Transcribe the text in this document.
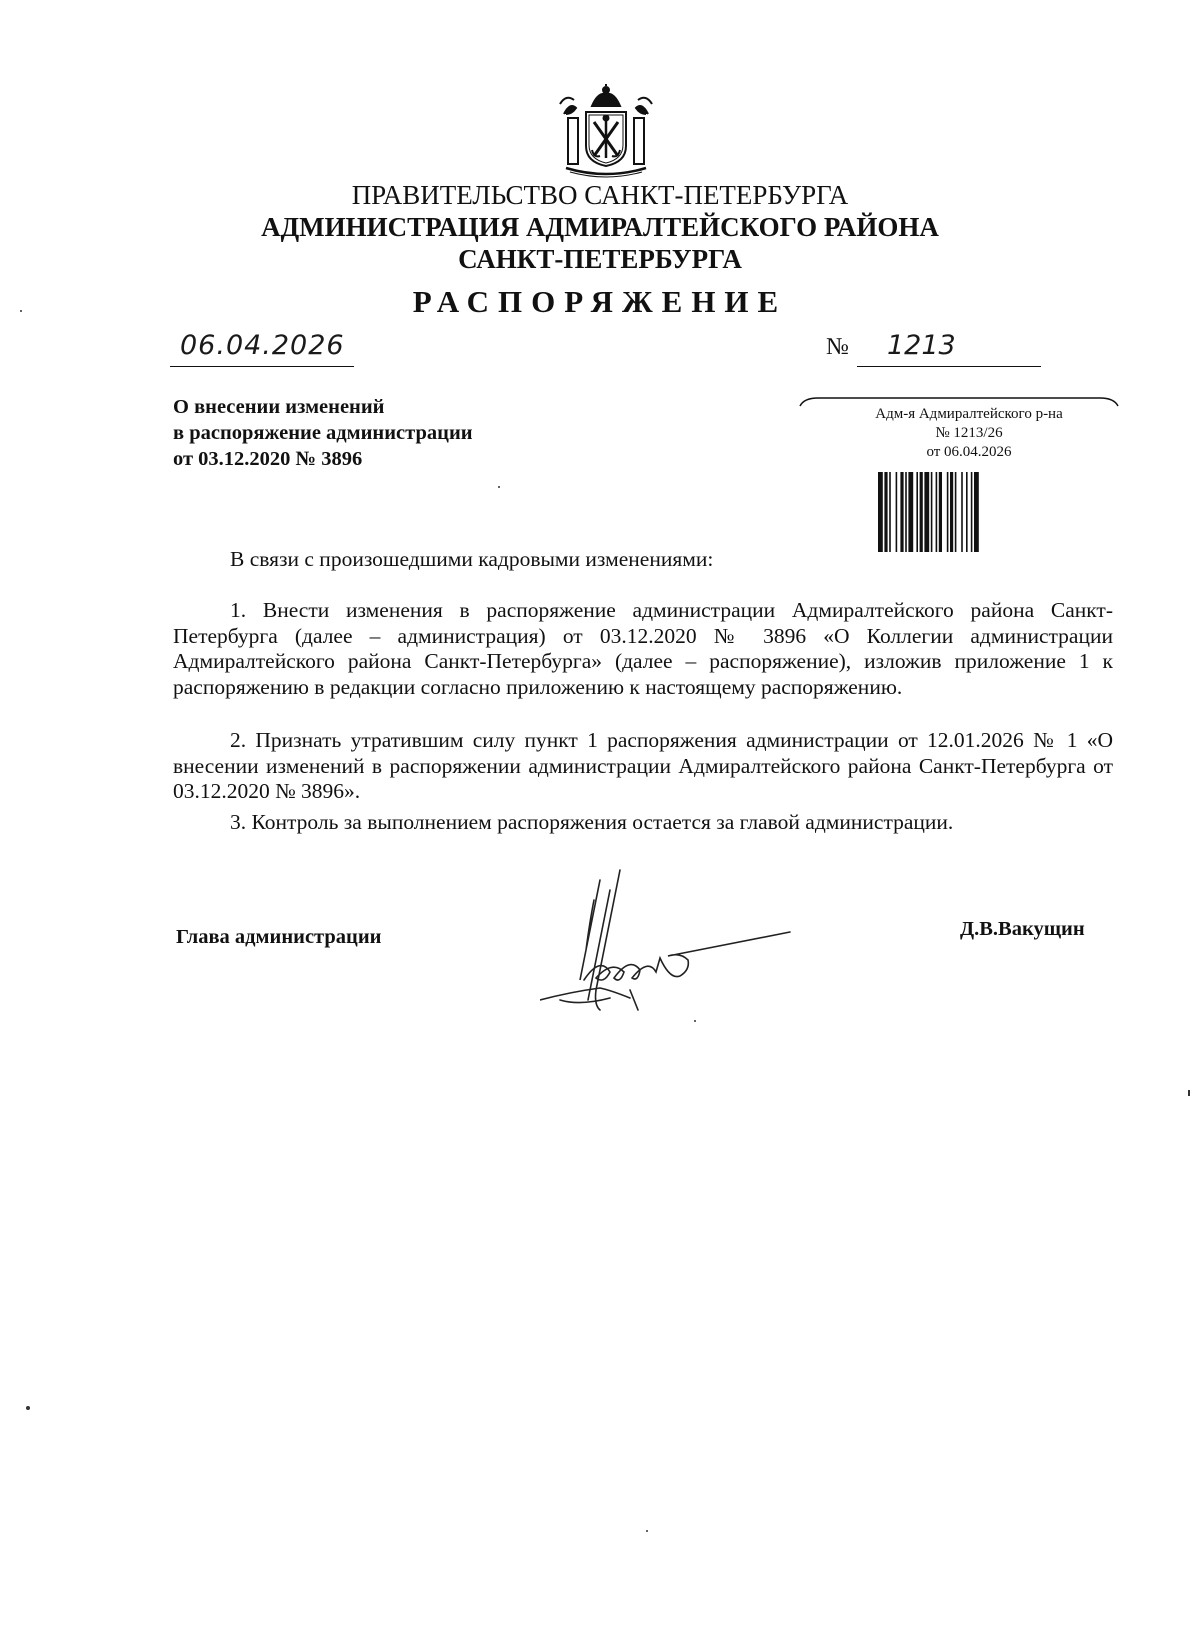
ПРАВИТЕЛЬСТВО САНКТ-ПЕТЕРБУРГА
АДМИНИСТРАЦИЯ АДМИРАЛТЕЙСКОГО РАЙОНА
САНКТ-ПЕТЕРБУРГА
РАСПОРЯЖЕНИЕ
06.04.2026	№ 1213
О внесении изменений
в распоряжение администрации
от 03.12.2020 № 3896
Адм-я Адмиралтейского р-на
№ 1213/26
от 06.04.2026
В связи с произошедшими кадровыми изменениями:
1. Внести изменения в распоряжение администрации Адмиралтейского района Санкт-Петербурга (далее – администрация) от 03.12.2020 № 3896 «О Коллегии администрации Адмиралтейского района Санкт-Петербурга» (далее – распоряжение), изложив приложение 1 к распоряжению в редакции согласно приложению к настоящему распоряжению.
2. Признать утратившим силу пункт 1 распоряжения администрации от 12.01.2026 № 1 «О внесении изменений в распоряжении администрации Адмиралтейского района Санкт-Петербурга от 03.12.2020 № 3896».
3. Контроль за выполнением распоряжения остается за главой администрации.
Глава администрации	Д.В.Вакущин
